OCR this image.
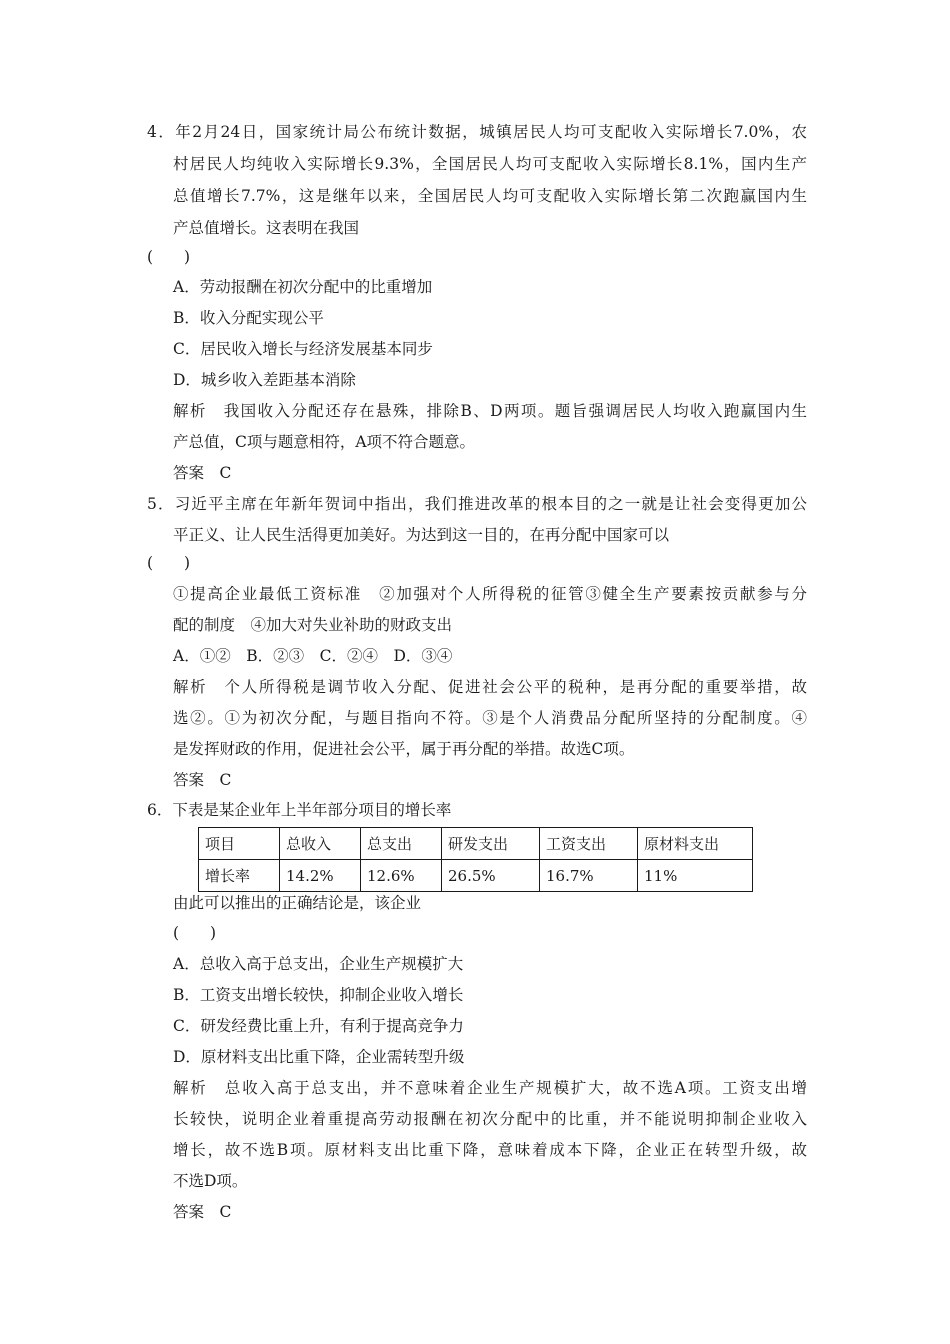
4．年2月24日，国家统计局公布统计数据，城镇居民人均可支配收入实际增长7.0%，农
村居民人均纯收入实际增长9.3%，全国居民人均可支配收入实际增长8.1%，国内生产
总值增长7.7%，这是继年以来，全国居民人均可支配收入实际增长第二次跑赢国内生
产总值增长。这表明在我国
(　　)
A．劳动报酬在初次分配中的比重增加
B．收入分配实现公平
C．居民收入增长与经济发展基本同步
D．城乡收入差距基本消除
解析　我国收入分配还存在悬殊，排除B、D两项。题旨强调居民人均收入跑赢国内生
产总值，C项与题意相符，A项不符合题意。
答案　C
5．习近平主席在年新年贺词中指出，我们推进改革的根本目的之一就是让社会变得更加公
平正义、让人民生活得更加美好。为达到这一目的，在再分配中国家可以
(　　)
①提高企业最低工资标准　②加强对个人所得税的征管③健全生产要素按贡献参与分
配的制度　④加大对失业补助的财政支出
A．①②　B．②③　C．②④　D．③④
解析　个人所得税是调节收入分配、促进社会公平的税种，是再分配的重要举措，故
选②。①为初次分配，与题目指向不符。③是个人消费品分配所坚持的分配制度。④
是发挥财政的作用，促进社会公平，属于再分配的举措。故选C项。
答案　C
6．下表是某企业年上半年部分项目的增长率
项目	总收入	总支出	研发支出	工资支出	原材料支出
增长率	14.2%	12.6%	26.5%	16.7%	11%
由此可以推出的正确结论是，该企业
(　　)
A．总收入高于总支出，企业生产规模扩大
B．工资支出增长较快，抑制企业收入增长
C．研发经费比重上升，有利于提高竞争力
D．原材料支出比重下降，企业需转型升级
解析　总收入高于总支出，并不意味着企业生产规模扩大，故不选A项。工资支出增
长较快，说明企业着重提高劳动报酬在初次分配中的比重，并不能说明抑制企业收入
增长，故不选B项。原材料支出比重下降，意味着成本下降，企业正在转型升级，故
不选D项。
答案　C
